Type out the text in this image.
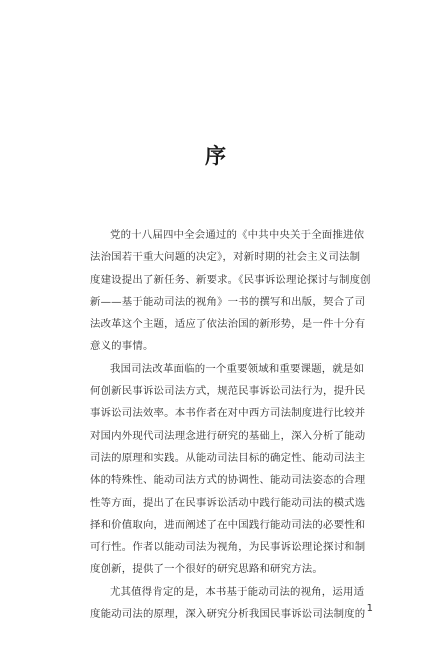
序
党的十八届四中全会通过的《中共中央关于全面推进依
法治国若干重大问题的决定》，对新时期的社会主义司法制
度建设提出了新任务、新要求。《民事诉讼理论探讨与制度创
新——基于能动司法的视角》一书的撰写和出版，契合了司
法改革这个主题，适应了依法治国的新形势，是一件十分有
意义的事情。
我国司法改革面临的一个重要领域和重要课题，就是如
何创新民事诉讼司法方式，规范民事诉讼司法行为，提升民
事诉讼司法效率。本书作者在对中西方司法制度进行比较并
对国内外现代司法理念进行研究的基础上，深入分析了能动
司法的原理和实践。从能动司法目标的确定性、能动司法主
体的特殊性、能动司法方式的协调性、能动司法姿态的合理
性等方面，提出了在民事诉讼活动中践行能动司法的模式选
择和价值取向，进而阐述了在中国践行能动司法的必要性和
可行性。作者以能动司法为视角，为民事诉讼理论探讨和制
度创新，提供了一个很好的研究思路和研究方法。
尤其值得肯定的是，本书基于能动司法的视角，运用适
度能动司法的原理，深入研究分析我国民事诉讼司法制度的 1
